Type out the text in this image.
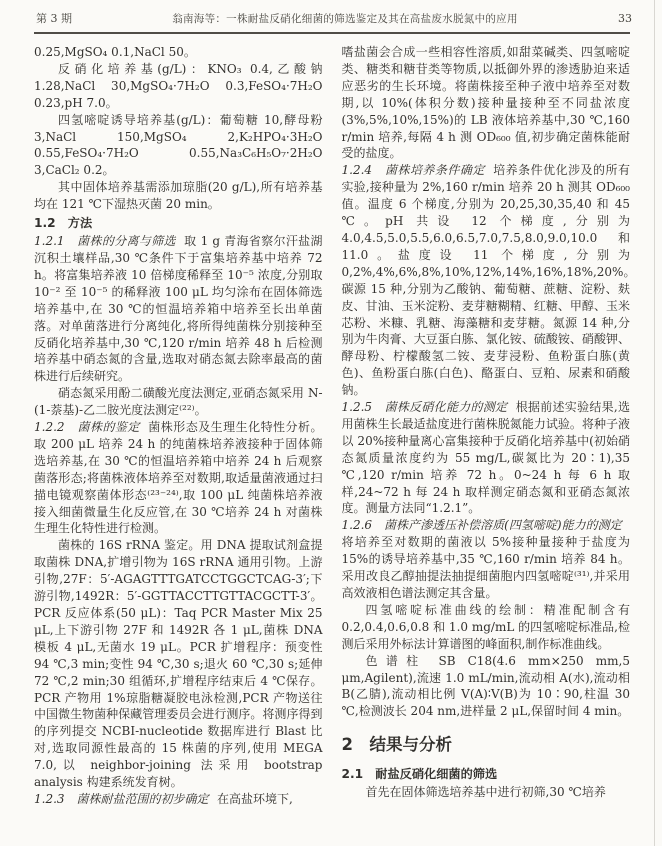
第 3 期	翁南海等：一株耐盐反硝化细菌的筛选鉴定及其在高盐废水脱氮中的应用	33

0.25,MgSO₄ 0.1,NaCl 50。

反硝化培养基(g/L)：KNO₃ 0.4,乙酸钠 1.28,NaCl 30,MgSO₄·7H₂O 0.3,FeSO₄·7H₂O 0.23,pH 7.0。

四氢嘧啶诱导培养基(g/L)：葡萄糖 10,酵母粉 3,NaCl 150,MgSO₄ 2,K₂HPO₄·3H₂O 0.55,FeSO₄·7H₂O 0.55,Na₃C₆H₅O₇·2H₂O 3,CaCl₂ 0.2。

其中固体培养基需添加琼脂(20 g/L),所有培养基均在 121 ℃下湿热灭菌 20 min。

1.2　方法

1.2.1　菌株的分离与筛选 取 1 g 青海省察尔汗盐湖沉积土壤样品,30 ℃条件下于富集培养基中培养 72 h。将富集培养液 10 倍梯度稀释至 10⁻⁵ 浓度,分别取 10⁻² 至 10⁻⁵ 的稀释液 100 μL 均匀涂布在固体筛选培养基中,在 30 ℃的恒温培养箱中培养至长出单菌落。对单菌落进行分离纯化,将所得纯菌株分别接种至反硝化培养基中,30 ℃,120 r/min 培养 48 h 后检测培养基中硝态氮的含量,选取对硝态氮去除率最高的菌株进行后续研究。

硝态氮采用酚二磺酸光度法测定,亚硝态氮采用 N-(1-萘基)-乙二胺光度法测定⁽²²⁾。

1.2.2　菌株的鉴定 菌株形态及生理生化特性分析。取 200 μL 培养 24 h 的纯菌株培养液接种于固体筛选培养基,在 30 ℃的恒温培养箱中培养 24 h 后观察菌落形态;将菌株液体培养至对数期,取适量菌液通过扫描电镜观察菌体形态⁽²³⁻²⁴⁾,取 100 μL 纯菌株培养液接入细菌微量生化反应管,在 30 ℃培养 24 h 对菌株生理生化特性进行检测。

菌株的 16S rRNA 鉴定。用 DNA 提取试剂盒提取菌株 DNA,扩增引物为 16S rRNA 通用引物。上游引物,27F：5′-AGAGTTTGATCCTGGCTCAG-3′;下游引物,1492R：5′-GGTTACCTTGTTACGCTT-3′。PCR 反应体系(50 μL)：Taq PCR Master Mix 25 μL,上下游引物 27F 和 1492R 各 1 μL,菌株 DNA 模板 4 μL,无菌水 19 μL。PCR 扩增程序：预变性 94 ℃,3 min;变性 94 ℃,30 s;退火 60 ℃,30 s;延伸 72 ℃,2 min;30 组循环,扩增程序结束后 4 ℃保存。PCR 产物用 1%琼脂糖凝胶电泳检测,PCR 产物送往中国微生物菌种保藏管理委员会进行测序。将测序得到的序列提交 NCBI-nucleotide 数据库进行 Blast 比对,选取同源性最高的 15 株菌的序列,使用 MEGA 7.0,以 neighbor-joining 法采用 bootstrap analysis 构建系统发育树。

1.2.3　菌株耐盐范围的初步确定 在高盐环境下,

嗜盐菌会合成一些相容性溶质,如甜菜碱类、四氢嘧啶类、糖类和糖苷类等物质,以抵御外界的渗透胁迫来适应恶劣的生长环境。将菌株接至种子液中培养至对数期,以 10%(体积分数)接种量接种至不同盐浓度(3%,5%,10%,15%)的 LB 液体培养基中,30 ℃,160 r/min 培养,每隔 4 h 测 OD₆₀₀ 值,初步确定菌株能耐受的盐度。

1.2.4　菌株培养条件确定 培养条件优化涉及的所有实验,接种量为 2%,160 r/min 培养 20 h 测其 OD₆₀₀ 值。温度 6 个梯度,分别为 20,25,30,35,40 和 45 ℃。pH 共设 12 个梯度,分别为 4.0,4.5,5.0,5.5,6.0,6.5,7.0,7.5,8.0,9.0,10.0 和 11.0。盐度设 11 个梯度,分别为 0,2%,4%,6%,8%,10%,12%,14%,16%,18%,20%。碳源 15 种,分别为乙酸钠、葡萄糖、蔗糖、淀粉、麸皮、甘油、玉米淀粉、麦芽糖糊精、红糖、甲醇、玉米芯粉、米糠、乳糖、海藻糖和麦芽糖。氮源 14 种,分别为牛肉膏、大豆蛋白胨、氯化铵、硫酸铵、硝酸钾、酵母粉、柠檬酸氢二铵、麦芽浸粉、鱼粉蛋白胨(黄色)、鱼粉蛋白胨(白色)、酪蛋白、豆粕、尿素和硝酸钠。

1.2.5　菌株反硝化能力的测定 根据前述实验结果,选用菌株生长最适盐度进行菌株脱氮能力试验。将种子液以 20%接种量离心富集接种于反硝化培养基中(初始硝态氮质量浓度约为 55 mg/L,碳氮比为 20∶1),35 ℃,120 r/min 培养 72 h。0~24 h 每 6 h 取样,24~72 h 每 24 h 取样测定硝态氮和亚硝态氮浓度。测量方法同“1.2.1”。

1.2.6　菌株产渗透压补偿溶质(四氢嘧啶)能力的测定将培养至对数期的菌液以 5%接种量接种于盐度为 15%的诱导培养基中,35 ℃,160 r/min 培养 84 h。采用改良乙醇抽提法抽提细菌胞内四氢嘧啶⁽³¹⁾,并采用高效液相色谱法测定其含量。

四氢嘧啶标准曲线的绘制：精准配制含有 0.2,0.4,0.6,0.8 和 1.0 mg/mL 的四氢嘧啶标准品,检测后采用外标法计算谱图的峰面积,制作标准曲线。

色谱柱 SB C18(4.6 mm×250 mm,5 μm,Agilent),流速 1.0 mL/min,流动相 A(水),流动相 B(乙腈),流动相比例 V(A)∶V(B)为 10∶90,柱温 30 ℃,检测波长 204 nm,进样量 2 μL,保留时间 4 min。

2　结果与分析

2.1　耐盐反硝化细菌的筛选

首先在固体筛选培养基中进行初筛,30 ℃培养
